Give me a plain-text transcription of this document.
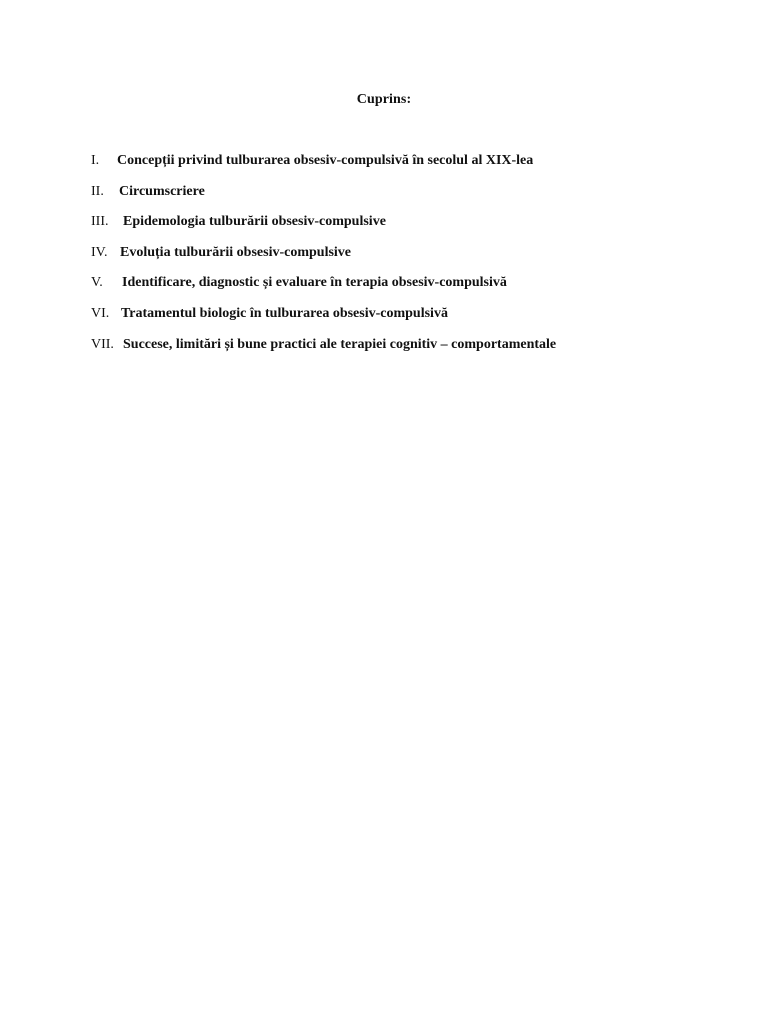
Cuprins:
I.	Concepții privind tulburarea obsesiv-compulsivă în secolul al XIX-lea
II.	Circumscriere
III.	Epidemologia tulburării obsesiv-compulsive
IV. Evoluția tulburării obsesiv-compulsive
V.	Identificare, diagnostic și evaluare în terapia obsesiv-compulsivă
VI. Tratamentul biologic în tulburarea obsesiv-compulsivă
VII. Succese, limitări și bune practici ale terapiei cognitiv – comportamentale
